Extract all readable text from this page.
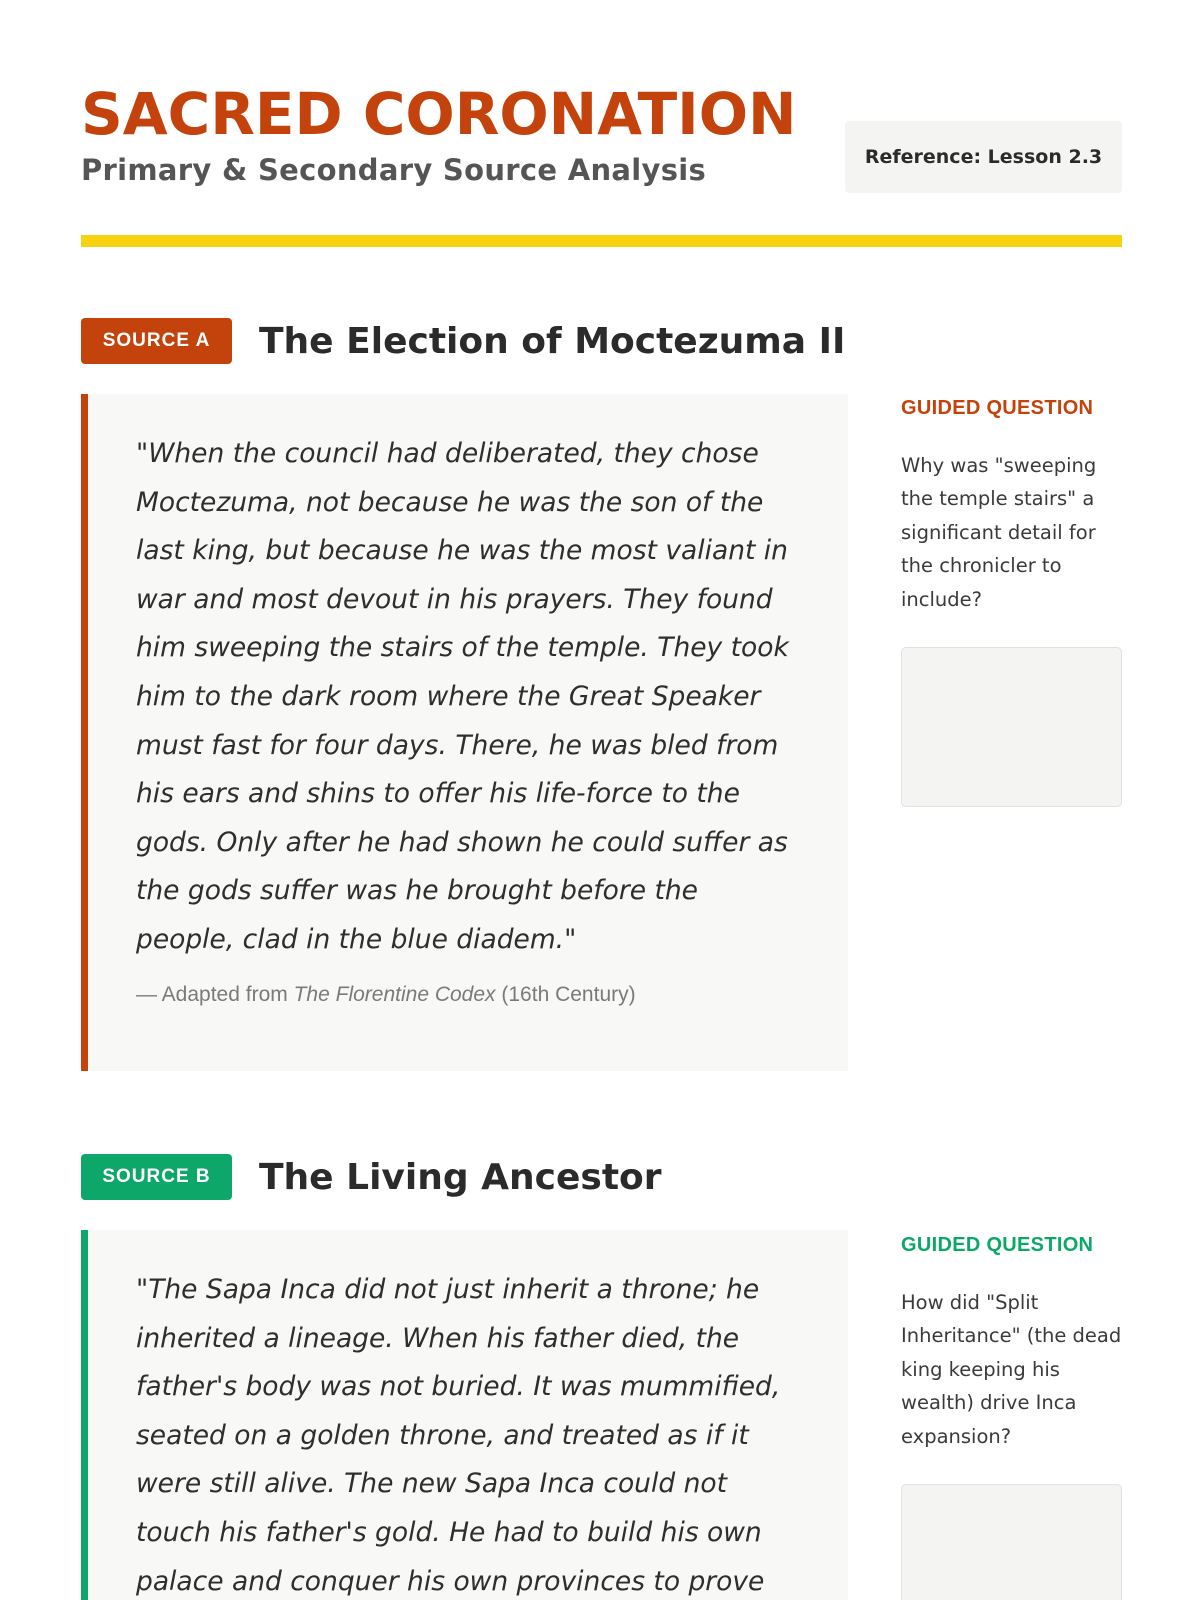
SACRED CORONATION
Primary & Secondary Source Analysis	Reference: Lesson 2.3
SOURCE A	The Election of Moctezuma II

"When the council had deliberated, they chose Moctezuma, not because he was the son of the last king, but because he was the most valiant in war and most devout in his prayers. They found him sweeping the stairs of the temple. They took him to the dark room where the Great Speaker must fast for four days. There, he was bled from his ears and shins to offer his life-force to the gods. Only after he had shown he could suffer as the gods suffer was he brought before the people, clad in the blue diadem."

— Adapted from The Florentine Codex (16th Century)

GUIDED QUESTION
Why was "sweeping the temple stairs" a significant detail for the chronicler to include?
SOURCE B	The Living Ancestor

"The Sapa Inca did not just inherit a throne; he inherited a lineage. When his father died, the father's body was not buried. It was mummified, seated on a golden throne, and treated as if it were still alive. The new Sapa Inca could not touch his father's gold. He had to build his own palace and conquer his own provinces to prove

GUIDED QUESTION
How did "Split Inheritance" (the dead king keeping his wealth) drive Inca expansion?
